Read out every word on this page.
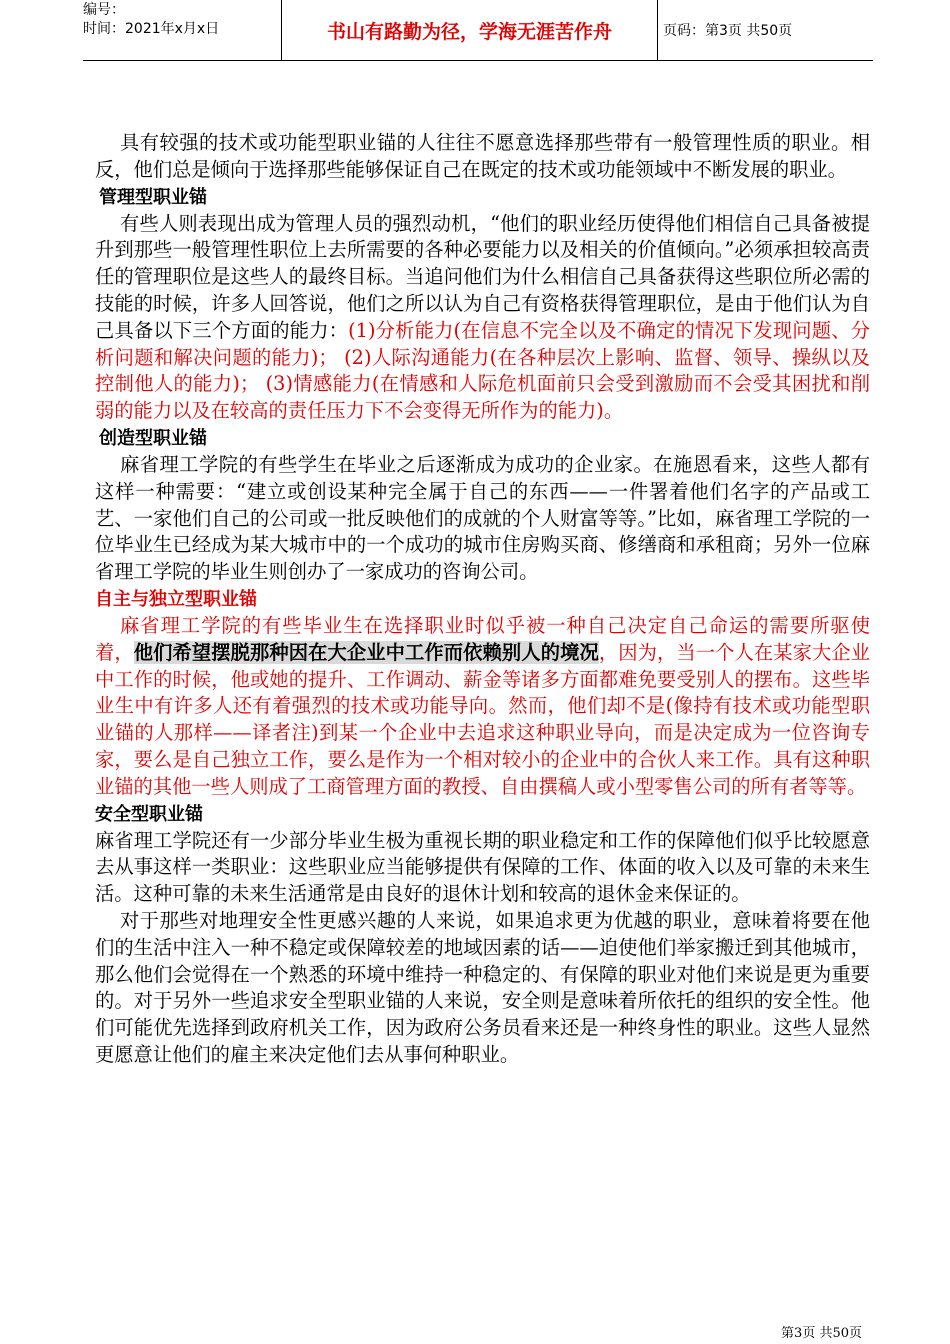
编号：
时间：2021年x月x日	书山有路勤为径，学海无涯苦作舟	页码：第3页 共50页

具有较强的技术或功能型职业锚的人往往不愿意选择那些带有一般管理性质的职业。相反，他们总是倾向于选择那些能够保证自己在既定的技术或功能领域中不断发展的职业。

管理型职业锚

有些人则表现出成为管理人员的强烈动机，“他们的职业经历使得他们相信自己具备被提升到那些一般管理性职位上去所需要的各种必要能力以及相关的价值倾向。”必须承担较高责任的管理职位是这些人的最终目标。当追问他们为什么相信自己具备获得这些职位所必需的技能的时候，许多人回答说，他们之所以认为自己有资格获得管理职位，是由于他们认为自己具备以下三个方面的能力：(1)分析能力(在信息不完全以及不确定的情况下发现问题、分析问题和解决问题的能力)； (2)人际沟通能力(在各种层次上影响、监督、领导、操纵以及控制他人的能力)； (3)情感能力(在情感和人际危机面前只会受到激励而不会受其困扰和削弱的能力以及在较高的责任压力下不会变得无所作为的能力)。

创造型职业锚

麻省理工学院的有些学生在毕业之后逐渐成为成功的企业家。在施恩看来，这些人都有这样一种需要：“建立或创设某种完全属于自己的东西——一件署着他们名字的产品或工艺、一家他们自己的公司或一批反映他们的成就的个人财富等等。”比如，麻省理工学院的一位毕业生已经成为某大城市中的一个成功的城市住房购买商、修缮商和承租商；另外一位麻省理工学院的毕业生则创办了一家成功的咨询公司。

自主与独立型职业锚

麻省理工学院的有些毕业生在选择职业时似乎被一种自己决定自己命运的需要所驱使着，他们希望摆脱那种因在大企业中工作而依赖别人的境况，因为，当一个人在某家大企业中工作的时候，他或她的提升、工作调动、薪金等诸多方面都难免要受别人的摆布。这些毕业生中有许多人还有着强烈的技术或功能导向。然而，他们却不是(像持有技术或功能型职业锚的人那样——译者注)到某一个企业中去追求这种职业导向，而是决定成为一位咨询专家，要么是自己独立工作，要么是作为一个相对较小的企业中的合伙人来工作。具有这种职业锚的其他一些人则成了工商管理方面的教授、自由撰稿人或小型零售公司的所有者等等。

安全型职业锚

麻省理工学院还有一少部分毕业生极为重视长期的职业稳定和工作的保障他们似乎比较愿意去从事这样一类职业：这些职业应当能够提供有保障的工作、体面的收入以及可靠的未来生活。这种可靠的未来生活通常是由良好的退休计划和较高的退休金来保证的。

对于那些对地理安全性更感兴趣的人来说，如果追求更为优越的职业，意味着将要在他们的生活中注入一种不稳定或保障较差的地域因素的话——迫使他们举家搬迁到其他城市，那么他们会觉得在一个熟悉的环境中维持一种稳定的、有保障的职业对他们来说是更为重要的。对于另外一些追求安全型职业锚的人来说，安全则是意味着所依托的组织的安全性。他们可能优先选择到政府机关工作，因为政府公务员看来还是一种终身性的职业。这些人显然更愿意让他们的雇主来决定他们去从事何种职业。

第3页 共50页
